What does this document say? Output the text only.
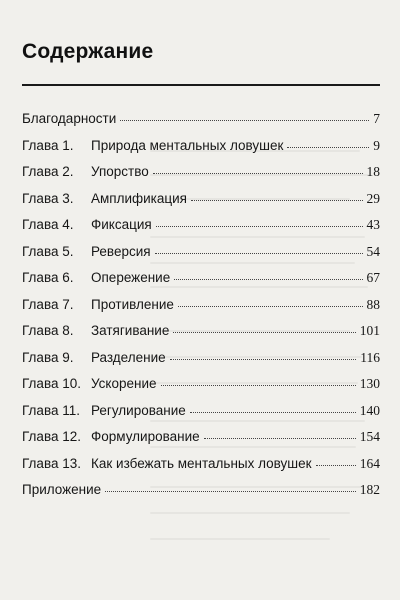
Содержание
Благодарности	7
Глава 1.	Природа ментальных ловушек	9
Глава 2.	Упорство	18
Глава 3.	Амплификация	29
Глава 4.	Фиксация	43
Глава 5.	Реверсия	54
Глава 6.	Опережение	67
Глава 7.	Противление	88
Глава 8.	Затягивание	101
Глава 9.	Разделение	116
Глава 10. Ускорение	130
Глава 11. Регулирование	140
Глава 12. Формулирование	154
Глава 13. Как избежать ментальных ловушек	164
Приложение	182
